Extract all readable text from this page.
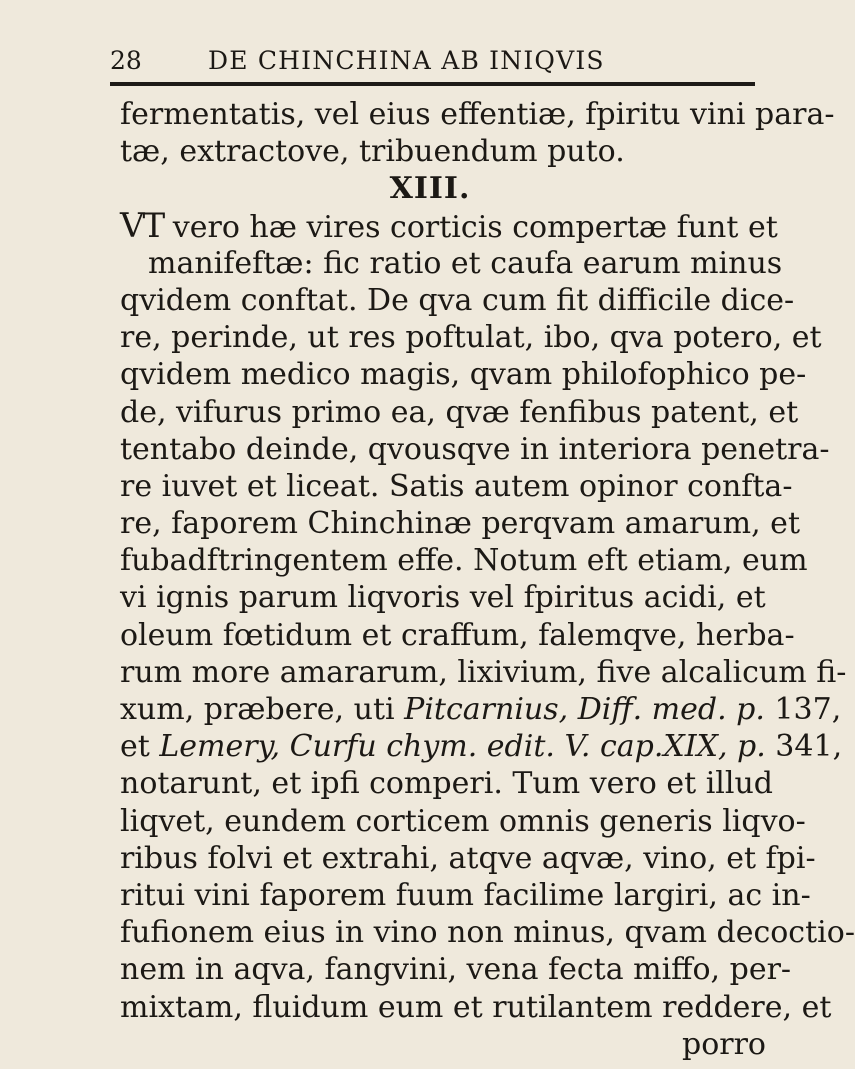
28	DE CHINCHINA AB INIQVIS
fermentatis, vel eius effentiæ, fpiritu vini para-
tæ, extractove, tribuendum puto.
XIII.
VT vero hæ vires corticis compertæ funt et
manifeftæ: fic ratio et caufa earum minus
qvidem conftat. De qva cum fit difficile dice-
re, perinde, ut res poftulat, ibo, qva potero, et
qvidem medico magis, qvam philofophico pe-
de, vifurus primo ea, qvæ fenfibus patent, et
tentabo deinde, qvousqve in interiora penetra-
re iuvet et liceat. Satis autem opinor confta-
re, faporem Chinchinæ perqvam amarum, et
fubadftringentem effe. Notum eft etiam, eum
vi ignis parum liqvoris vel fpiritus acidi, et
oleum fœtidum et craffum, falemqve, herba-
rum more amararum, lixivium, five alcalicum fi-
xum, præbere, uti Pitcarnius, Diff. med. p. 137,
et Lemery, Curfu chym. edit. V. cap.XIX, p. 341,
notarunt, et ipfi comperi. Tum vero et illud
liqvet, eundem corticem omnis generis liqvo-
ribus folvi et extrahi, atqve aqvæ, vino, et fpi-
ritui vini faporem fuum facilime largiri, ac in-
fufionem eius in vino non minus, qvam decoctio-
nem in aqva, fangvini, vena fecta miffo, per-
mixtam, fluidum eum et rutilantem reddere, et
porro
